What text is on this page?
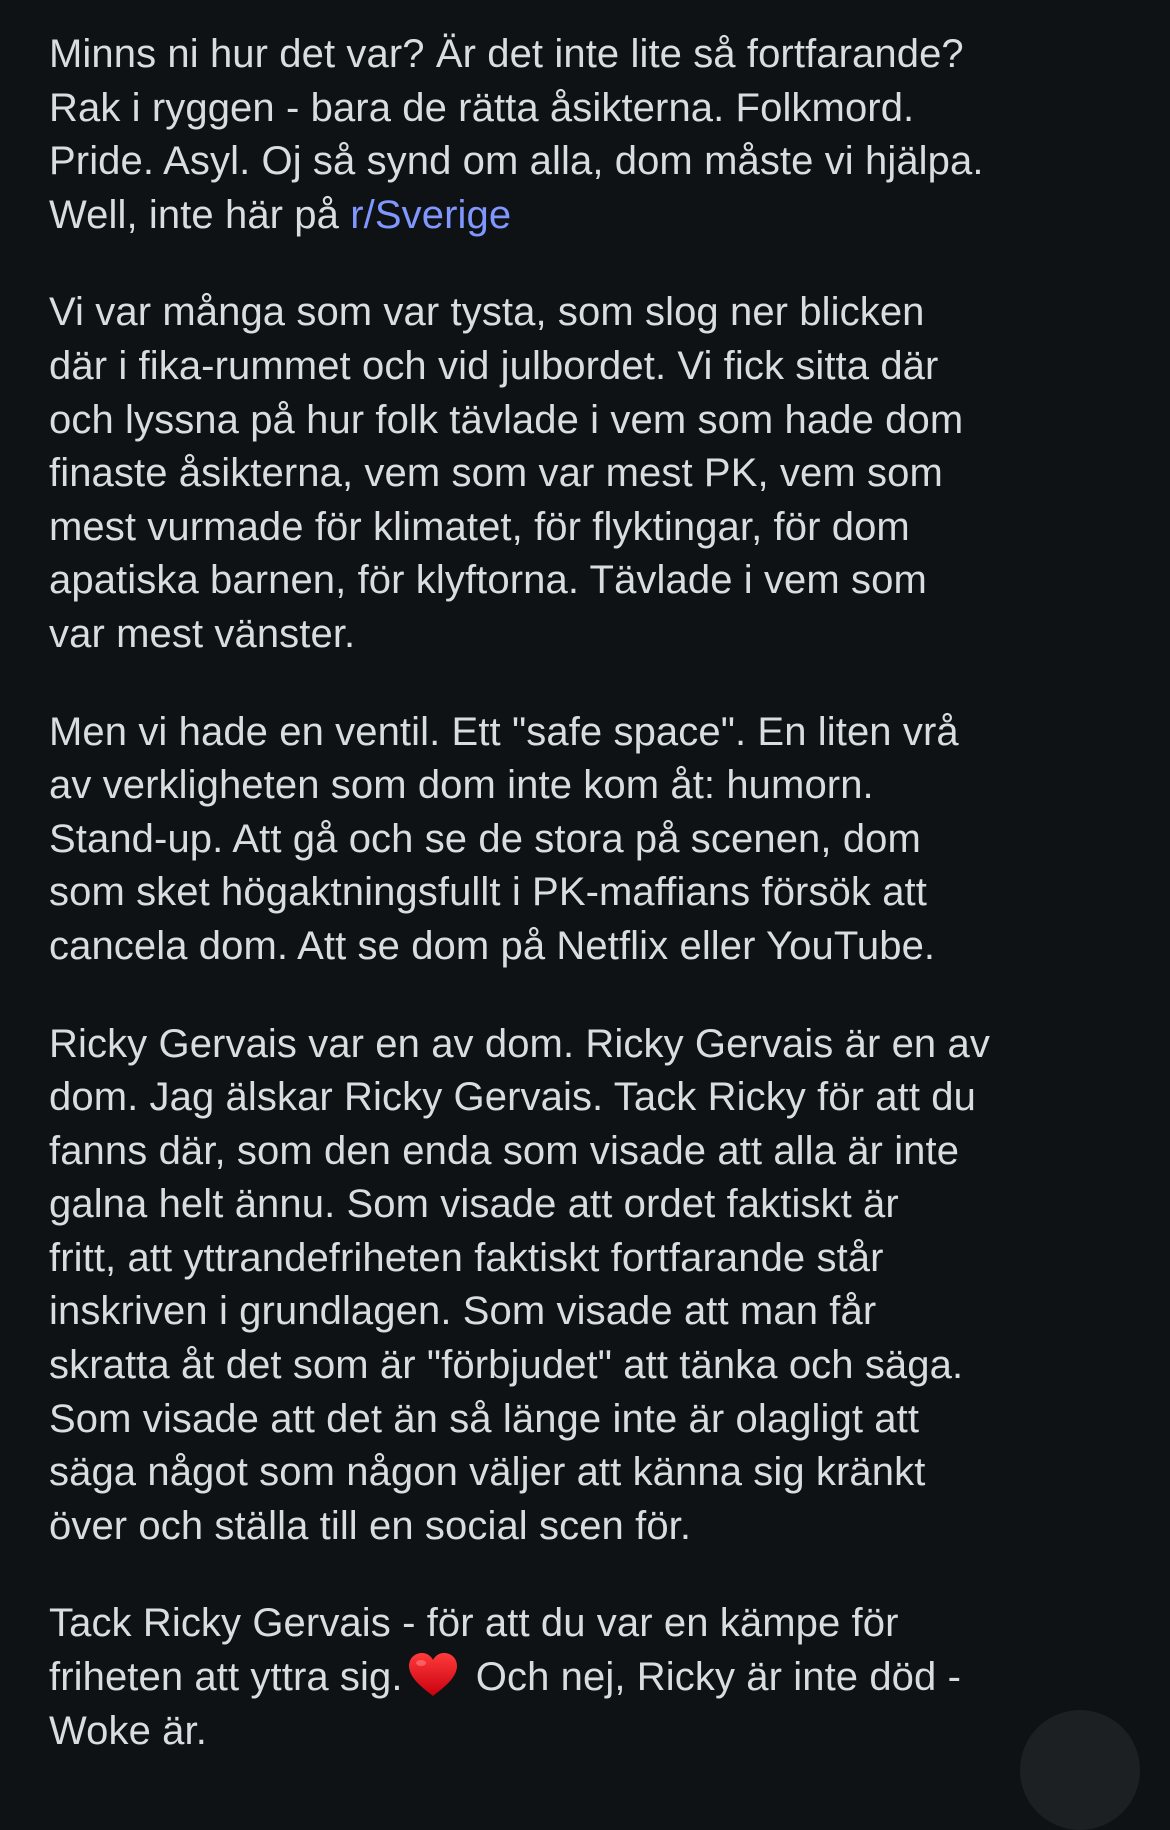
Minns ni hur det var? Är det inte lite så fortfarande?
Rak i ryggen - bara de rätta åsikterna. Folkmord.
Pride. Asyl. Oj så synd om alla, dom måste vi hjälpa.
Well, inte här på r/Sverige

Vi var många som var tysta, som slog ner blicken
där i fika-rummet och vid julbordet. Vi fick sitta där
och lyssna på hur folk tävlade i vem som hade dom
finaste åsikterna, vem som var mest PK, vem som
mest vurmade för klimatet, för flyktingar, för dom
apatiska barnen, för klyftorna. Tävlade i vem som
var mest vänster.

Men vi hade en ventil. Ett "safe space". En liten vrå
av verkligheten som dom inte kom åt: humorn.
Stand-up. Att gå och se de stora på scenen, dom
som sket högaktningsfullt i PK-maffians försök att
cancela dom. Att se dom på Netflix eller YouTube.

Ricky Gervais var en av dom. Ricky Gervais är en av
dom. Jag älskar Ricky Gervais. Tack Ricky för att du
fanns där, som den enda som visade att alla är inte
galna helt ännu. Som visade att ordet faktiskt är
fritt, att yttrandefriheten faktiskt fortfarande står
inskriven i grundlagen. Som visade att man får
skratta åt det som är "förbjudet" att tänka och säga.
Som visade att det än så länge inte är olagligt att
säga något som någon väljer att känna sig kränkt
över och ställa till en social scen för.

Tack Ricky Gervais - för att du var en kämpe för
friheten att yttra sig. Och nej, Ricky är inte död -
Woke är.
